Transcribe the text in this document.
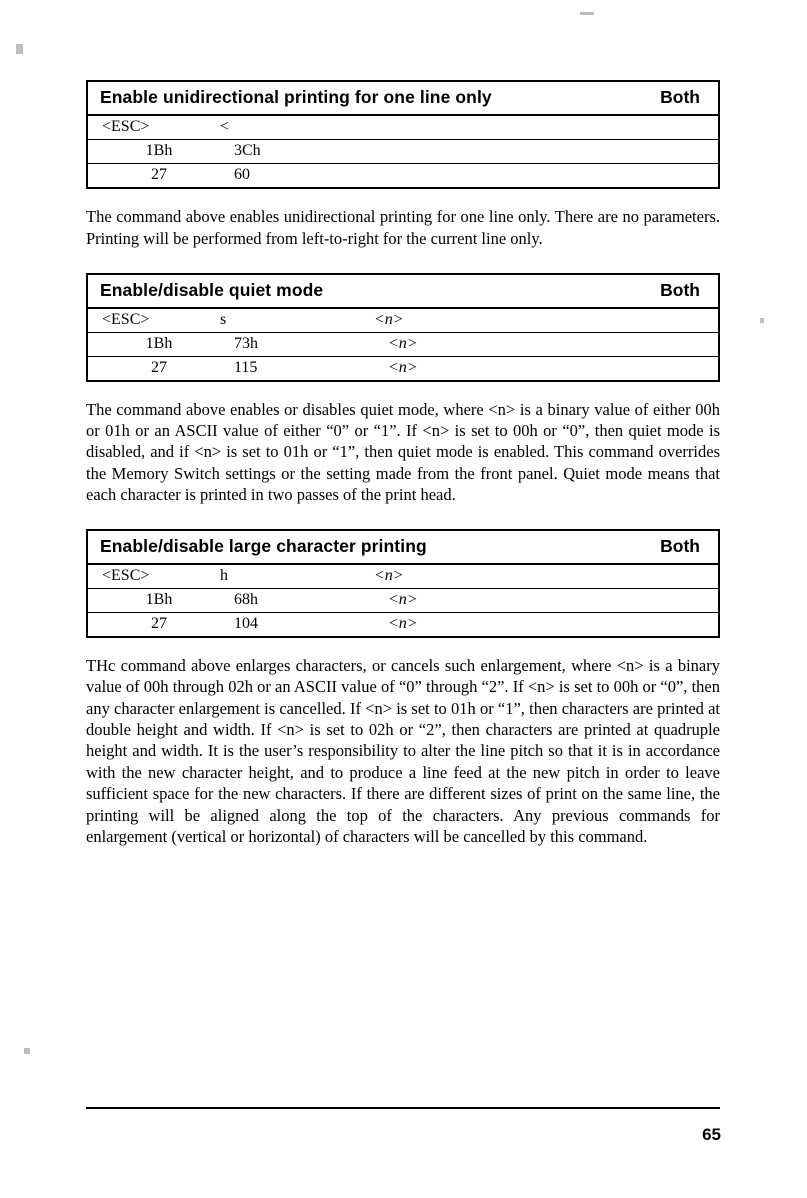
Enable unidirectional printing for one line only	Both

<ESC>	<
1Bh	3Ch
27	60

The command above enables unidirectional printing for one line only. There are no parameters. Printing will be performed from left-to-right for the current line only.

Enable/disable quiet mode	Both

<ESC>	s	<n>
1Bh	73h	<n>
27	115	<n>

The command above enables or disables quiet mode, where <n> is a binary value of either 00h or 01h or an ASCII value of either “0” or “1”. If <n> is set to 00h or “0”, then quiet mode is disabled, and if <n> is set to 01h or “1”, then quiet mode is enabled. This command overrides the Memory Switch settings or the setting made from the front panel. Quiet mode means that each character is printed in two passes of the print head.

Enable/disable large character printing	Both

<ESC>	h	<n>
1Bh	68h	<n>
27	104	<n>

THc command above enlarges characters, or cancels such enlargement, where <n> is a binary value of 00h through 02h or an ASCII value of “0” through “2”. If <n> is set to 00h or “0”, then any character enlargement is cancelled. If <n> is set to 01h or “1”, then characters are printed at double height and width. If <n> is set to 02h or “2”, then characters are printed at quadruple height and width. It is the user’s responsibility to alter the line pitch so that it is in accordance with the new character height, and to produce a line feed at the new pitch in order to leave sufficient space for the new characters. If there are different sizes of print on the same line, the printing will be aligned along the top of the characters. Any previous commands for enlargement (vertical or horizontal) of characters will be cancelled by this command.

65
